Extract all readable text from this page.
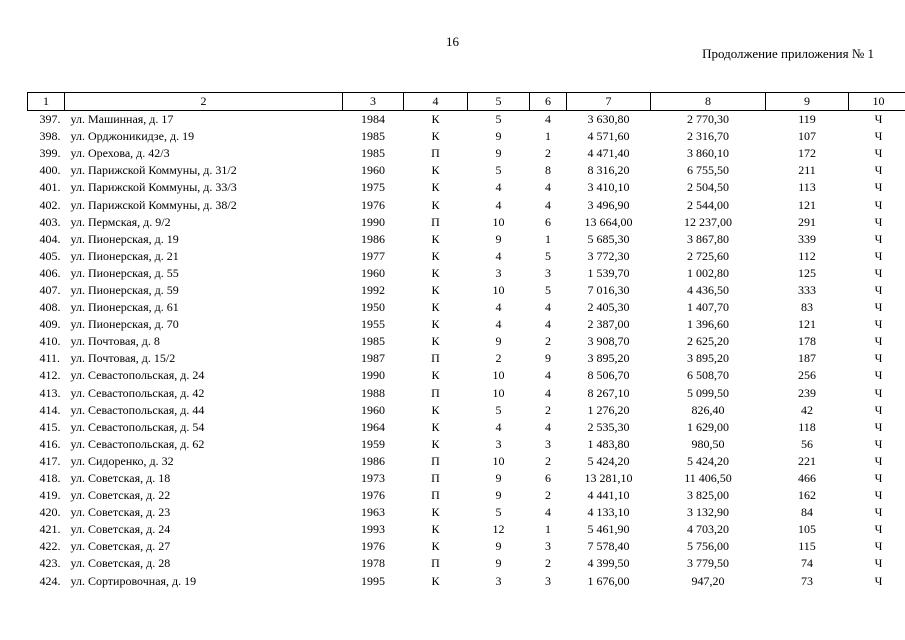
16
Продолжение приложения № 1
1	2	3	4	5	6	7	8	9	10
397.	ул. Машинная, д. 17	1984	К	5	4	3 630,80	2 770,30	119	Ч
398.	ул. Орджоникидзе, д. 19	1985	К	9	1	4 571,60	2 316,70	107	Ч
399.	ул. Орехова, д. 42/3	1985	П	9	2	4 471,40	3 860,10	172	Ч
400.	ул. Парижской Коммуны, д. 31/2	1960	К	5	8	8 316,20	6 755,50	211	Ч
401.	ул. Парижской Коммуны, д. 33/3	1975	К	4	4	3 410,10	2 504,50	113	Ч
402.	ул. Парижской Коммуны, д. 38/2	1976	К	4	4	3 496,90	2 544,00	121	Ч
403.	ул. Пермская, д. 9/2	1990	П	10	6	13 664,00	12 237,00	291	Ч
404.	ул. Пионерская, д. 19	1986	К	9	1	5 685,30	3 867,80	339	Ч
405.	ул. Пионерская, д. 21	1977	К	4	5	3 772,30	2 725,60	112	Ч
406.	ул. Пионерская, д. 55	1960	К	3	3	1 539,70	1 002,80	125	Ч
407.	ул. Пионерская, д. 59	1992	К	10	5	7 016,30	4 436,50	333	Ч
408.	ул. Пионерская, д. 61	1950	К	4	4	2 405,30	1 407,70	83	Ч
409.	ул. Пионерская, д. 70	1955	К	4	4	2 387,00	1 396,60	121	Ч
410.	ул. Почтовая, д. 8	1985	К	9	2	3 908,70	2 625,20	178	Ч
411.	ул. Почтовая, д. 15/2	1987	П	2	9	3 895,20	3 895,20	187	Ч
412.	ул. Севастопольская, д. 24	1990	К	10	4	8 506,70	6 508,70	256	Ч
413.	ул. Севастопольская, д. 42	1988	П	10	4	8 267,10	5 099,50	239	Ч
414.	ул. Севастопольская, д. 44	1960	К	5	2	1 276,20	826,40	42	Ч
415.	ул. Севастопольская, д. 54	1964	К	4	4	2 535,30	1 629,00	118	Ч
416.	ул. Севастопольская, д. 62	1959	К	3	3	1 483,80	980,50	56	Ч
417.	ул. Сидоренко, д. 32	1986	П	10	2	5 424,20	5 424,20	221	Ч
418.	ул. Советская, д. 18	1973	П	9	6	13 281,10	11 406,50	466	Ч
419.	ул. Советская, д. 22	1976	П	9	2	4 441,10	3 825,00	162	Ч
420.	ул. Советская, д. 23	1963	К	5	4	4 133,10	3 132,90	84	Ч
421.	ул. Советская, д. 24	1993	К	12	1	5 461,90	4 703,20	105	Ч
422.	ул. Советская, д. 27	1976	К	9	3	7 578,40	5 756,00	115	Ч
423.	ул. Советская, д. 28	1978	П	9	2	4 399,50	3 779,50	74	Ч
424.	ул. Сортировочная, д. 19	1995	К	3	3	1 676,00	947,20	73	Ч
